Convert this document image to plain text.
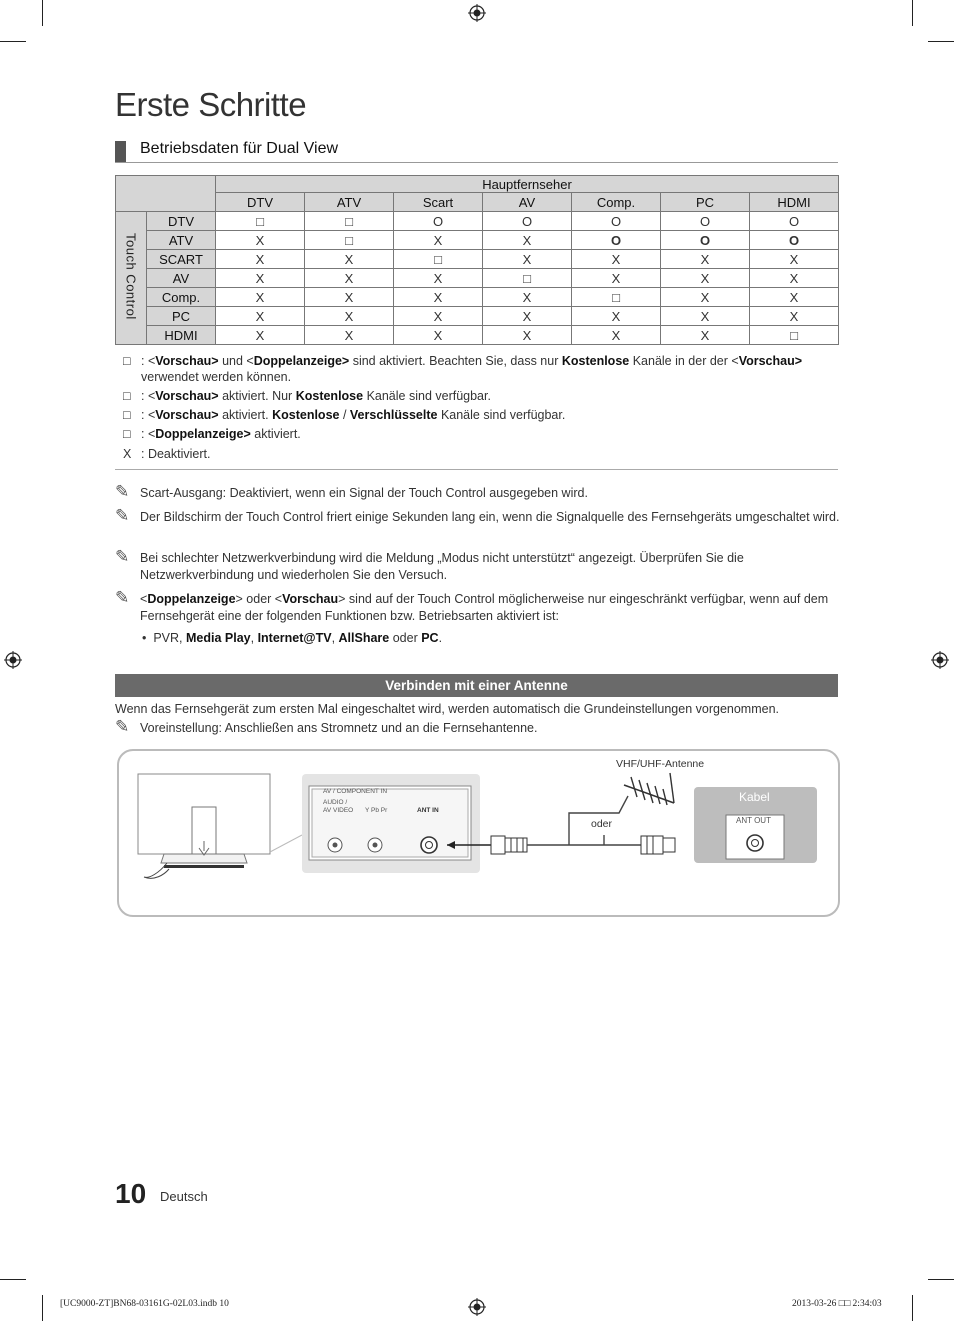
Erste Schritte
Betriebsdaten für Dual View
		Hauptfernseher						
		DTV	ATV	Scart	AV	Comp.	PC	HDMI
Touch Control	DTV	□	□	O	O	O	O	O
	ATV	X	□	X	X	O	O	O
	SCART	X	X	□	X	X	X	X
	AV	X	X	X	□	X	X	X
	Comp.	X	X	X	X	□	X	X
	PC	X	X	X	X	X	X	X
	HDMI	X	X	X	X	X	X	□
□ : <Vorschau> und <Doppelanzeige> sind aktiviert. Beachten Sie, dass nur Kostenlose Kanäle in der der <Vorschau>
verwendet werden können.
□ : <Vorschau> aktiviert. Nur Kostenlose Kanäle sind verfügbar.
□ : <Vorschau> aktiviert. Kostenlose / Verschlüsselte Kanäle sind verfügbar.
□ : <Doppelanzeige> aktiviert.
X : Deaktiviert.
✎ Scart-Ausgang: Deaktiviert, wenn ein Signal der Touch Control ausgegeben wird.
✎ Der Bildschirm der Touch Control friert einige Sekunden lang ein, wenn die Signalquelle des Fernsehgeräts umgeschaltet wird.
✎ Bei schlechter Netzwerkverbindung wird die Meldung „Modus nicht unterstützt“ angezeigt. Überprüfen Sie die Netzwerkverbindung und wiederholen Sie den Versuch.
✎ <Doppelanzeige> oder <Vorschau> sind auf der Touch Control möglicherweise nur eingeschränkt verfügbar, wenn auf dem Fernsehgerät eine der folgenden Funktionen bzw. Betriebsarten aktiviert ist:
•  PVR, Media Play, Internet@TV, AllShare oder PC.
Verbinden mit einer Antenne
Wenn das Fernsehgerät zum ersten Mal eingeschaltet wird, werden automatisch die Grundeinstellungen vorgenommen.
✎ Voreinstellung: Anschließen ans Stromnetz und an die Fernsehantenne.
VHF/UHF-Antenne
oder
Kabel
ANT OUT
AV / COMPONENT IN
AUDIO /
AV VIDEO Y Pb Pr	ANT IN
10 Deutsch
[UC9000-ZT]BN68-03161G-02L03.indb 10	2013-03-26 □□ 2:34:03
